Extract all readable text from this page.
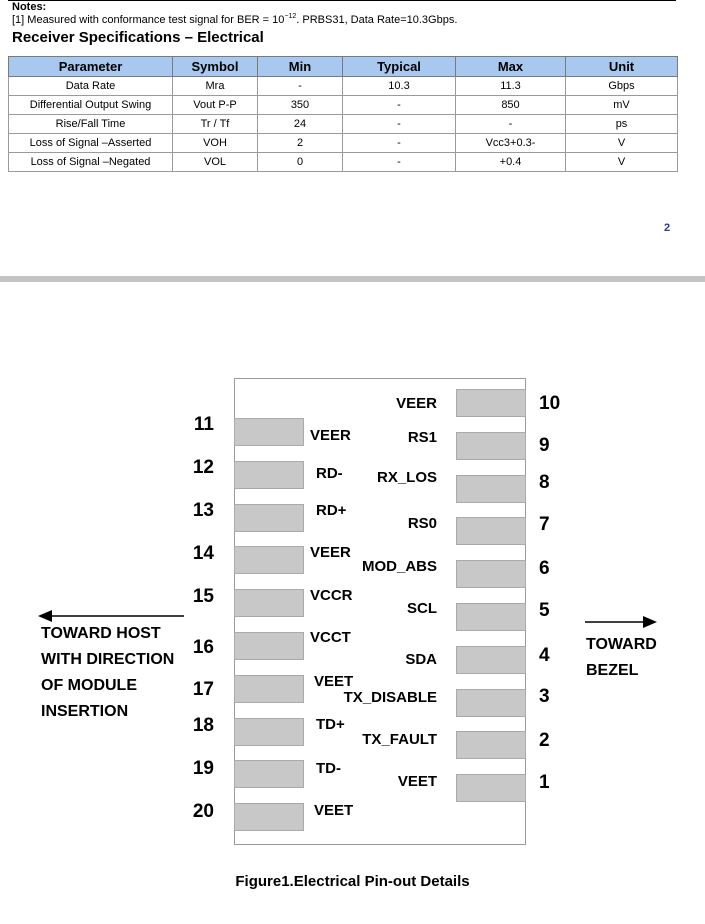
Notes:
[1] Measured with conformance test signal for BER = $10^{-12}$. PRBS31, Data Rate=10.3Gbps.
Receiver Specifications – Electrical
Parameter	Symbol	Min	Typical	Max	Unit
Data Rate	Mra	-	10.3	11.3	Gbps
Differential Output Swing	Vout P-P	350	-	850	mV
Rise/Fall Time	Tr / Tf	24	-	-	ps
Loss of Signal –Asserted	VOH	2	-	Vcc3+0.3-	V
Loss of Signal –Negated	VOL	0	-	+0.4	V
2
11
12
13
14
15
16
17
18
19
20
10
9
8
7
6
5
4
3
2
1
VEER
RD-
RD+
VEER
VCCR
VCCT
VEET
TD+
TD-
VEET
VEER
RS1
RX_LOS
RS0
MOD_ABS
SCL
SDA
TX_DISABLE
TX_FAULT
VEET
TOWARD HOST
WITH DIRECTION
OF MODULE
INSERTION
TOWARD
BEZEL
Figure1.Electrical Pin-out Details
